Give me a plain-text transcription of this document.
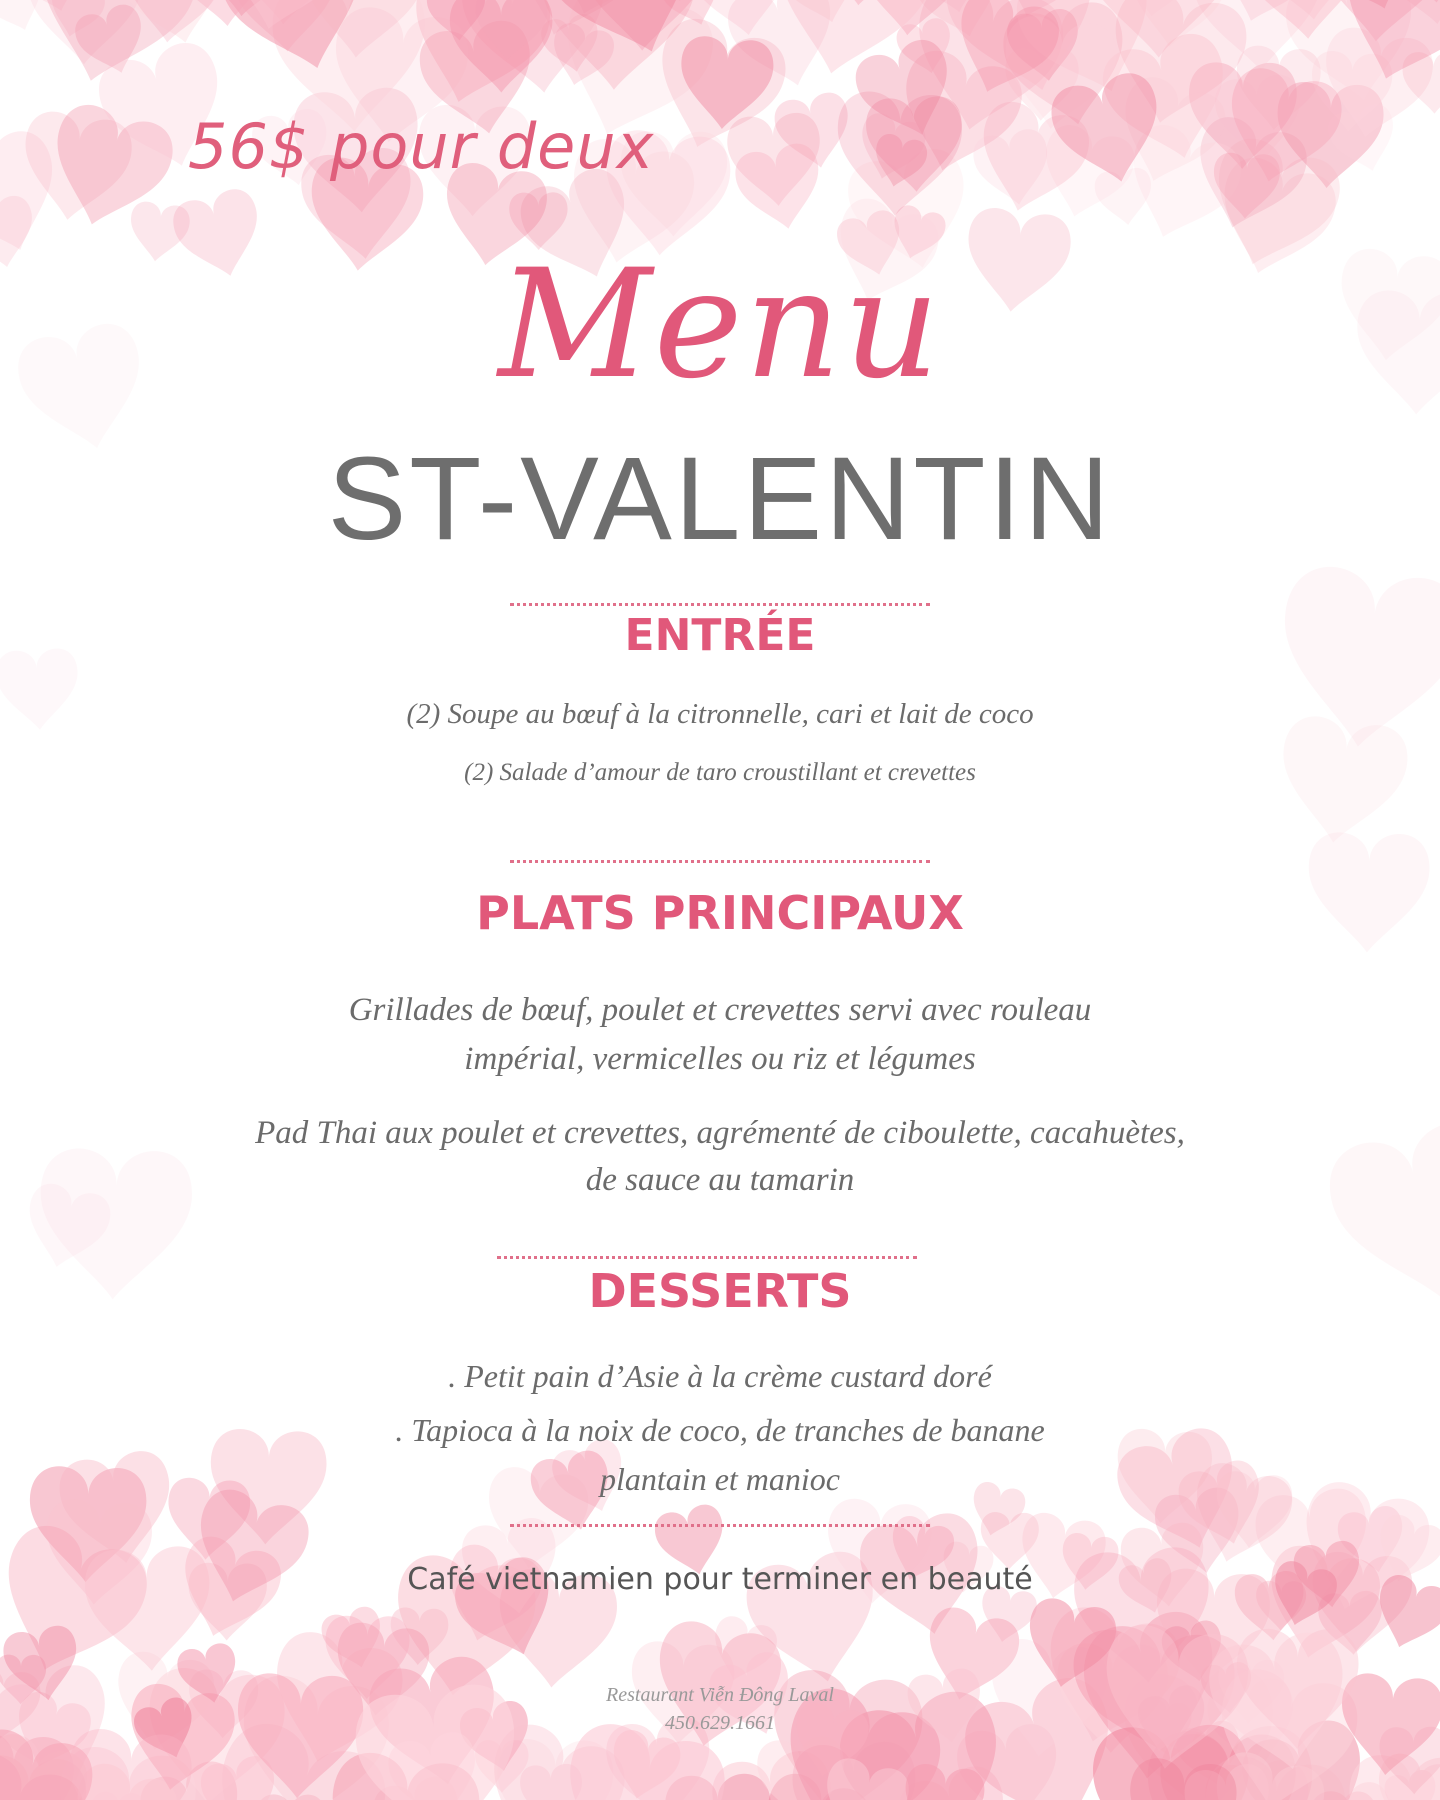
56$ pour deux
Menu
ST-VALENTIN
ENTRÉE
(2) Soupe au bœuf à la citronnelle, cari et lait de coco
(2) Salade d’amour de taro croustillant et crevettes
PLATS PRINCIPAUX
Grillades de bœuf, poulet et crevettes servi avec rouleau
impérial, vermicelles ou riz et légumes
Pad Thai aux poulet et crevettes, agrémenté de ciboulette, cacahuètes,
de sauce au tamarin
DESSERTS
. Petit pain d’Asie à la crème custard doré
. Tapioca à la noix de coco, de tranches de banane
plantain et manioc
Café vietnamien pour terminer en beauté
Restaurant Viễn Đông Laval
450.629.1661
